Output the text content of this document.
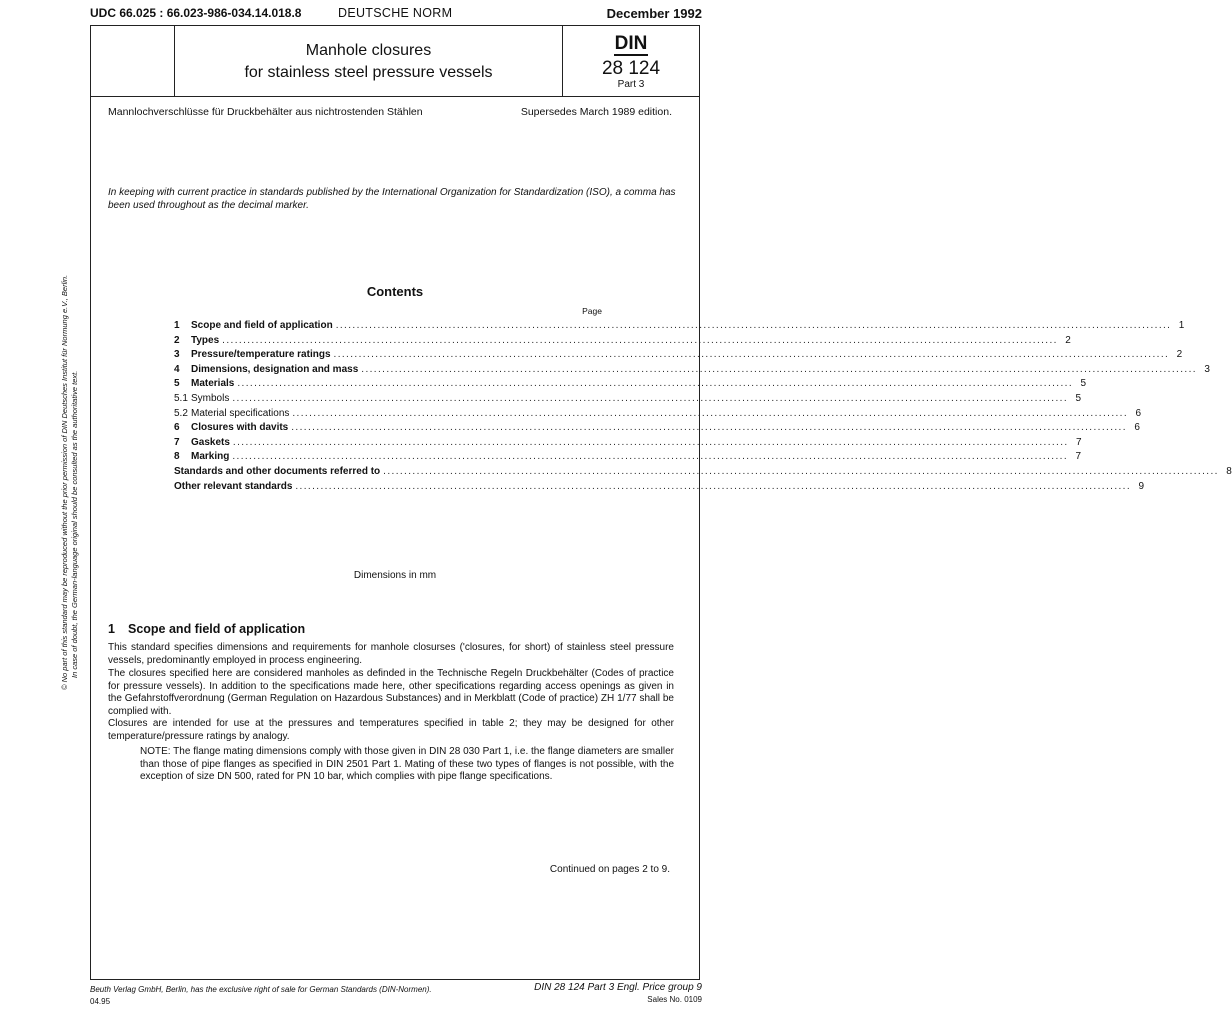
UDC 66.025 : 66.023-986-034.14.018.8	DEUTSCHE NORM	December 1992
Manhole closures
for stainless steel pressure vessels
DIN
28 124
Part 3
Mannlochverschlüsse für Druckbehälter aus nichtrostenden Stählen	Supersedes March 1989 edition.
In keeping with current practice in standards published by the International Organization for Standardization (ISO), a comma has been used throughout as the decimal marker.
© No part of this standard may be reproduced without the prior permission of DIN Deutsches Institut für Normung e.V., Berlin. In case of doubt, the German-language original should be consulted as the authoritative text.
Contents
Page
1	Scope and field of application ........................................................................................................................................................................................................ 1
2	Types ........................................................................................................................................................................................................ 2
3	Pressure/temperature ratings ........................................................................................................................................................................................................ 2
4	Dimensions, designation and mass ........................................................................................................................................................................................................ 3
5	Materials ........................................................................................................................................................................................................ 5
5.1 Symbols ........................................................................................................................................................................................................ 5
5.2 Material specifications ........................................................................................................................................................................................................ 6
6	Closures with davits ........................................................................................................................................................................................................ 6
7	Gaskets ........................................................................................................................................................................................................ 7
8	Marking ........................................................................................................................................................................................................ 7
Standards and other documents referred to ........................................................................................................................................................................................................ 8
Other relevant standards ........................................................................................................................................................................................................ 9
Dimensions in mm
1 Scope and field of application
This standard specifies dimensions and requirements for manhole closurses ('closures, for short) of stainless steel pressure vessels, predominantly employed in process engineering.
The closures specified here are considered manholes as definded in the Technische Regeln Druckbehälter (Codes of practice for pressure vessels). In addition to the specifications made here, other specifications regarding access openings as given in the Gefahrstoffverordnung (German Regulation on Hazardous Substances) and in Merkblatt (Code of practice) ZH 1/77 shall be complied with.
Closures are intended for use at the pressures and temperatures specified in table 2; they may be designed for other temperature/pressure ratings by analogy.
NOTE: The flange mating dimensions comply with those given in DIN 28 030 Part 1, i.e. the flange diameters are smaller than those of pipe flanges as specified in DIN 2501 Part 1. Mating of these two types of flanges is not possible, with the exception of size DN 500, rated for PN 10 bar, which complies with pipe flange specifications.
Continued on pages 2 to 9.
Beuth Verlag GmbH, Berlin, has the exclusive right of sale for German Standards (DIN-Normen).
04.95
DIN 28 124 Part 3 Engl. Price group 9
Sales No. 0109
